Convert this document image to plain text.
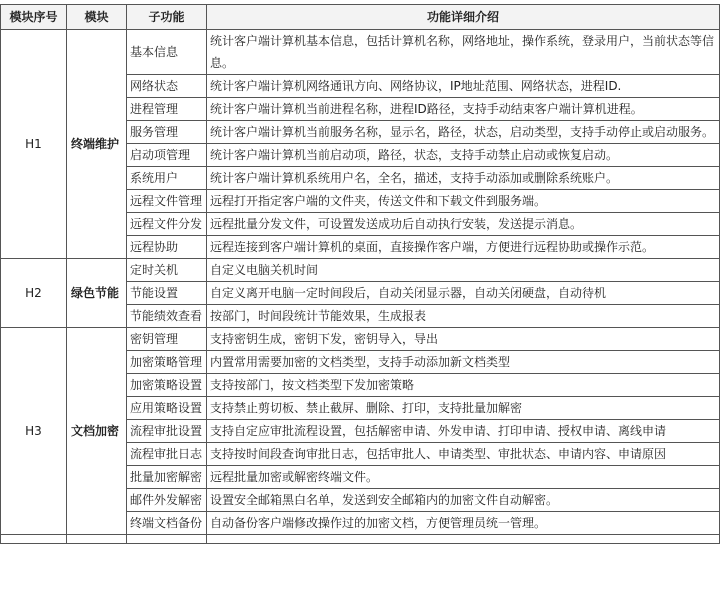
模块序号	模块	子功能	功能详细介绍
H1	终端维护	基本信息	统计客户端计算机基本信息，包括计算机名称，网络地址，操作系统，登录用户，当前状态等信息。
		网络状态	统计客户端计算机网络通讯方向、网络协议，IP地址范围、网络状态，进程ID.
		进程管理	统计客户端计算机当前进程名称，进程ID路径，支持手动结束客户端计算机进程。
		服务管理	统计客户端计算机当前服务名称，显示名，路径，状态，启动类型，支持手动停止或启动服务。
		启动项管理	统计客户端计算机当前启动项，路径，状态，支持手动禁止启动或恢复启动。
		系统用户	统计客户端计算机系统用户名，全名，描述，支持手动添加或删除系统账户。
		远程文件管理	远程打开指定客户端的文件夹，传送文件和下载文件到服务端。
		远程文件分发	远程批量分发文件，可设置发送成功后自动执行安装，发送提示消息。
		远程协助	远程连接到客户端计算机的桌面，直接操作客户端，方便进行远程协助或操作示范。
H2	绿色节能	定时关机	自定义电脑关机时间
		节能设置	自定义离开电脑一定时间段后，自动关闭显示器，自动关闭硬盘，自动待机
		节能绩效查看	按部门，时间段统计节能效果，生成报表
H3	文档加密	密钥管理	支持密钥生成，密钥下发，密钥导入，导出
		加密策略管理	内置常用需要加密的文档类型，支持手动添加新文档类型
		加密策略设置	支持按部门，按文档类型下发加密策略
		应用策略设置	支持禁止剪切板、禁止截屏、删除、打印，支持批量加解密
		流程审批设置	支持自定应审批流程设置，包括解密申请、外发申请、打印申请、授权申请、离线申请
		流程审批日志	支持按时间段查询审批日志，包括审批人、申请类型、审批状态、申请内容、申请原因
		批量加密解密	远程批量加密或解密终端文件。
		邮件外发解密	设置安全邮箱黑白名单，发送到安全邮箱内的加密文件自动解密。
		终端文档备份	自动备份客户端修改操作过的加密文档，方便管理员统一管理。
